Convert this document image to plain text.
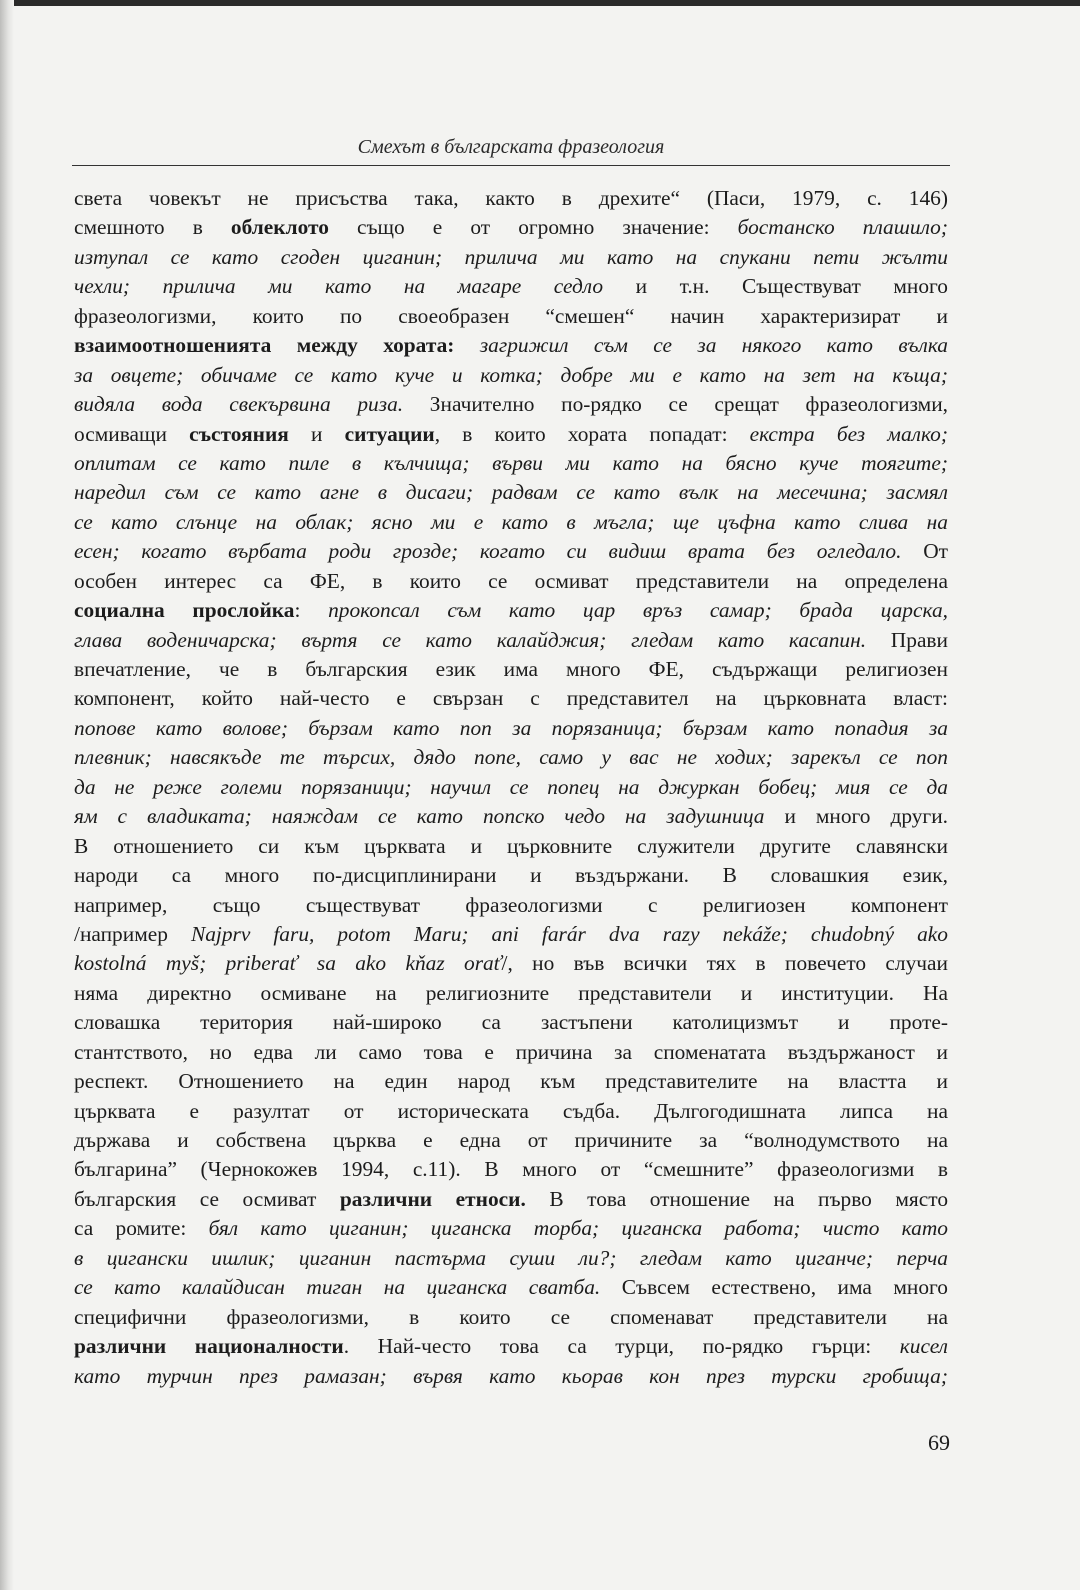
Смехът в българската фразеология
света човекът не присъства така, както в дрехите“ (Паси, 1979, с. 146)
смешното в облеклото също е от огромно значение: бостанско плашило;
изтупал се като сгоден циганин; прилича ми като на спукани пети жълти
чехли; прилича ми като на магаре седло и т.н. Съществуват много
фразеологизми, които по своеобразен “смешен“ начин характеризират и
взаимоотношенията между хората: загрижил съм се за някого като вълка
за овцете; обичаме се като куче и котка; добре ми е като на зет на къща;
видяла вода свекървина риза. Значително по-рядко се срещат фразеологизми,
осмиващи състояния и ситуации, в които хората попадат: екстра без малко;
оплитам се като пиле в кълчища; върви ми като на бясно куче тоягите;
наредил съм се като агне в дисаги; радвам се като вълк на месечина; засмял
се като слънце на облак; ясно ми е като в мъгла; ще цъфна като слива на
есен; когато върбата роди грозде; когато си видиш врата без огледало. От
особен интерес са ФЕ, в които се осмиват представители на определена
социална прослойка: прокопсал съм като цар връз самар; брада царска,
глава воденичарска; въртя се като калайджия; гледам като касапин. Прави
впечатление, че в българския език има много ФЕ, съдържащи религиозен
компонент, който най-често е свързан с представител на църковната власт:
попове като волове; бързам като поп за порязаница; бързам като попадия за
плевник; навсякъде те търсих, дядо попе, само у вас не ходих; зарекъл се поп
да не реже големи порязаници; научил се попец на джуркан бобец; мия се да
ям с владиката; наяждам се като попско чедо на задушница и много други.
В отношението си към църквата и църковните служители другите славянски
народи са много по-дисциплинирани и въздържани. В словашкия език,
например, също съществуват фразеологизми с религиозен компонент
/например Najprv faru, potom Maru; ani farár dva razy nekáže; chudobný ako
kostolná myš; priberať sa ako kňaz orať/, но във всички тях в повечето случаи
няма директно осмиване на религиозните представители и институции. На
словашка територия най-широко са застъпени католицизмът и проте-
стантството, но едва ли само това е причина за споменатата въздържаност и
респект. Отношението на един народ към представителите на властта и
църквата е разултат от историческата съдба. Дългогодишната липса на
държава и собствена църква е една от причините за “волнодумството на
българина” (Чернокожев 1994, с.11). В много от “смешните” фразеологизми в
българския се осмиват различни етноси. В това отношение на първо място
са ромите: бял като циганин; циганска торба; циганска работа; чисто като
в цигански ишлик; циганин пастърма суши ли?; гледам като циганче; перча
се като калайдисан тиган на циганска сватба. Съвсем естествено, има много
специфични фразеологизми, в които се споменават представители на
различни националности. Най-често това са турци, по-рядко гърци: кисел
като турчин през рамазан; вървя като кьорав кон през турски гробища;
69
